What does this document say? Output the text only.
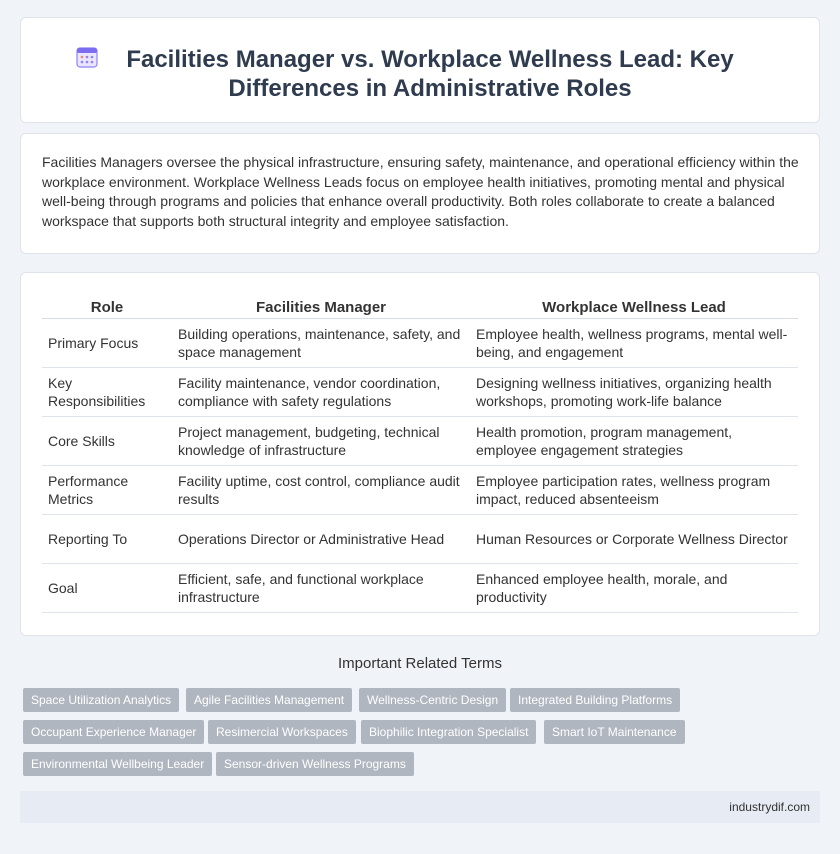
Facilities Manager vs. Workplace Wellness Lead: Key Differences in Administrative Roles

Facilities Managers oversee the physical infrastructure, ensuring safety, maintenance, and operational efficiency within the workplace environment. Workplace Wellness Leads focus on employee health initiatives, promoting mental and physical well-being through programs and policies that enhance overall productivity. Both roles collaborate to create a balanced workspace that supports both structural integrity and employee satisfaction.

Role	Facilities Manager	Workplace Wellness Lead
Primary Focus	Building operations, maintenance, safety, and space management	Employee health, wellness programs, mental well-being, and engagement
Key Responsibilities	Facility maintenance, vendor coordination, compliance with safety regulations	Designing wellness initiatives, organizing health workshops, promoting work-life balance
Core Skills	Project management, budgeting, technical knowledge of infrastructure	Health promotion, program management, employee engagement strategies
Performance Metrics	Facility uptime, cost control, compliance audit results	Employee participation rates, wellness program impact, reduced absenteeism
Reporting To	Operations Director or Administrative Head	Human Resources or Corporate Wellness Director
Goal	Efficient, safe, and functional workplace infrastructure	Enhanced employee health, morale, and productivity
Important Related Terms
Space Utilization Analytics	Agile Facilities Management	Wellness-Centric Design	Integrated Building Platforms
Occupant Experience Manager	Resimercial Workspaces	Biophilic Integration Specialist	Smart IoT Maintenance
Environmental Wellbeing Leader	Sensor-driven Wellness Programs
industrydif.com
